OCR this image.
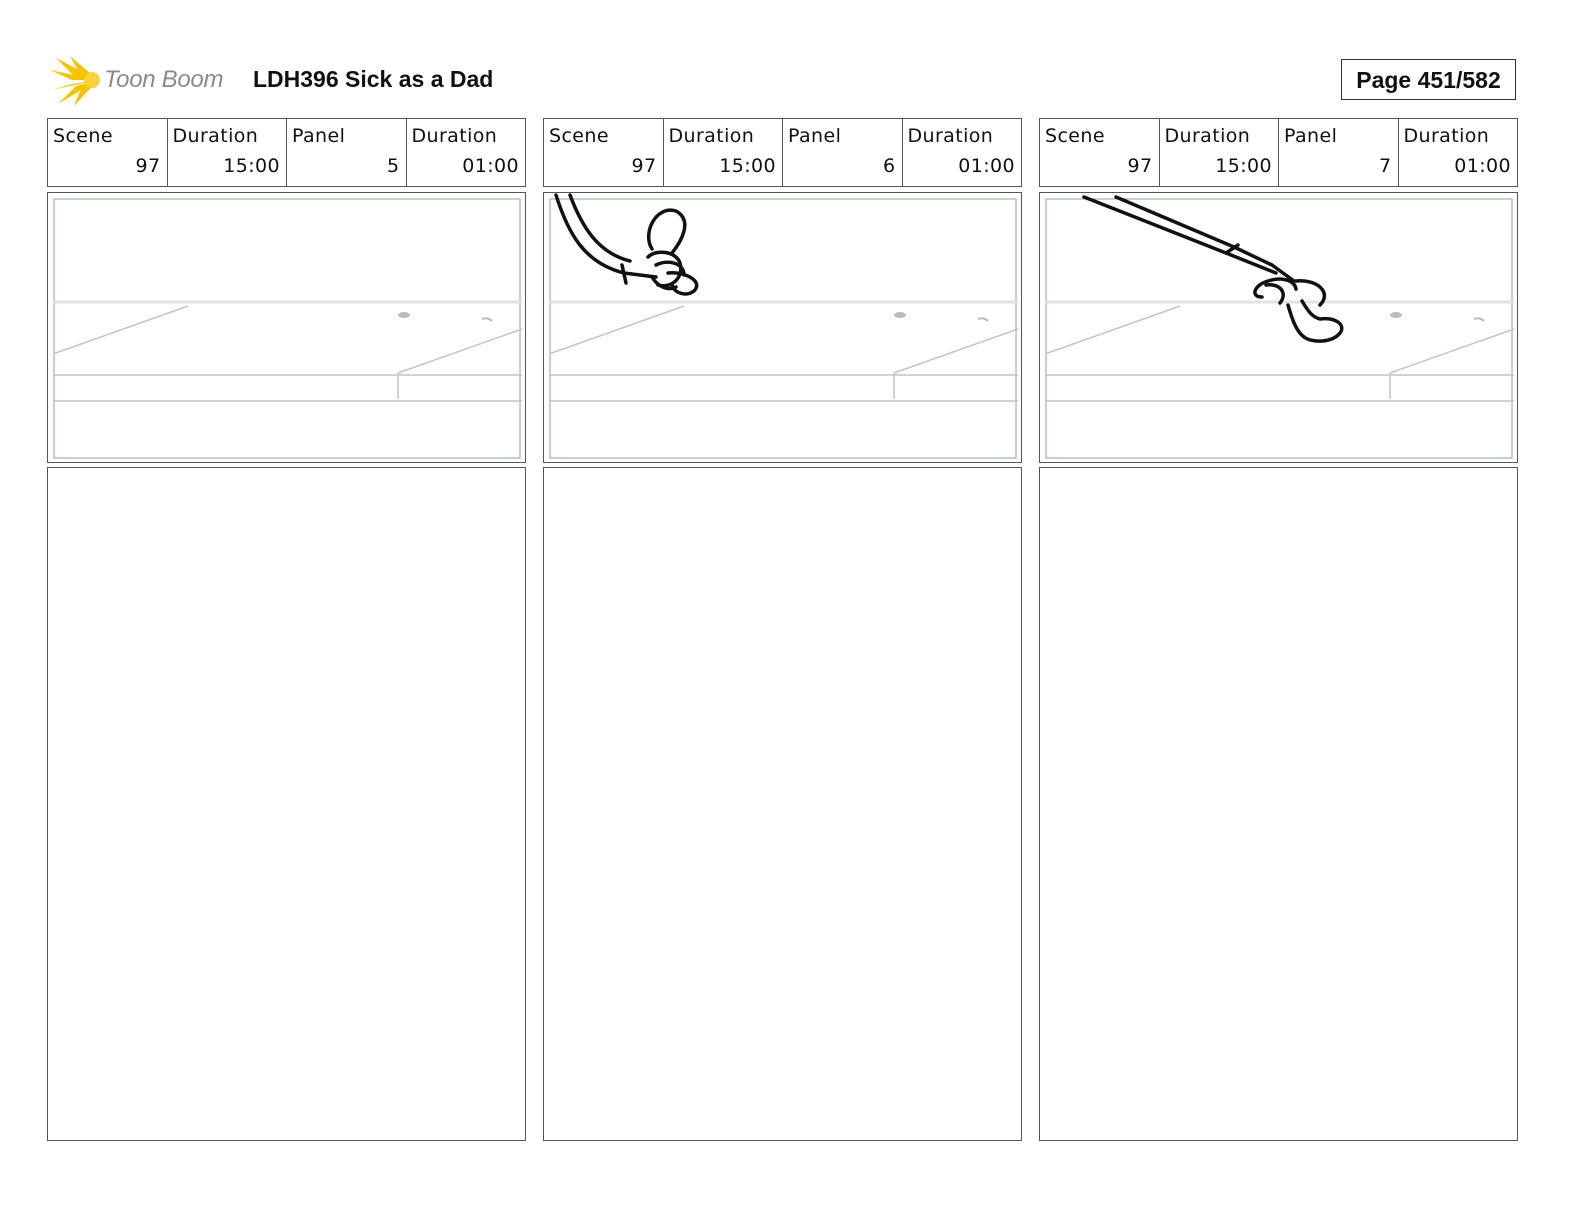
Toon Boom LDH396 Sick as a Dad	Page 451/582
Scene
97
Duration
15:00
Panel
5
Duration
01:00
Scene
97
Duration
15:00
Panel
6
Duration
01:00
Scene
97
Duration
15:00
Panel
7
Duration
01:00
